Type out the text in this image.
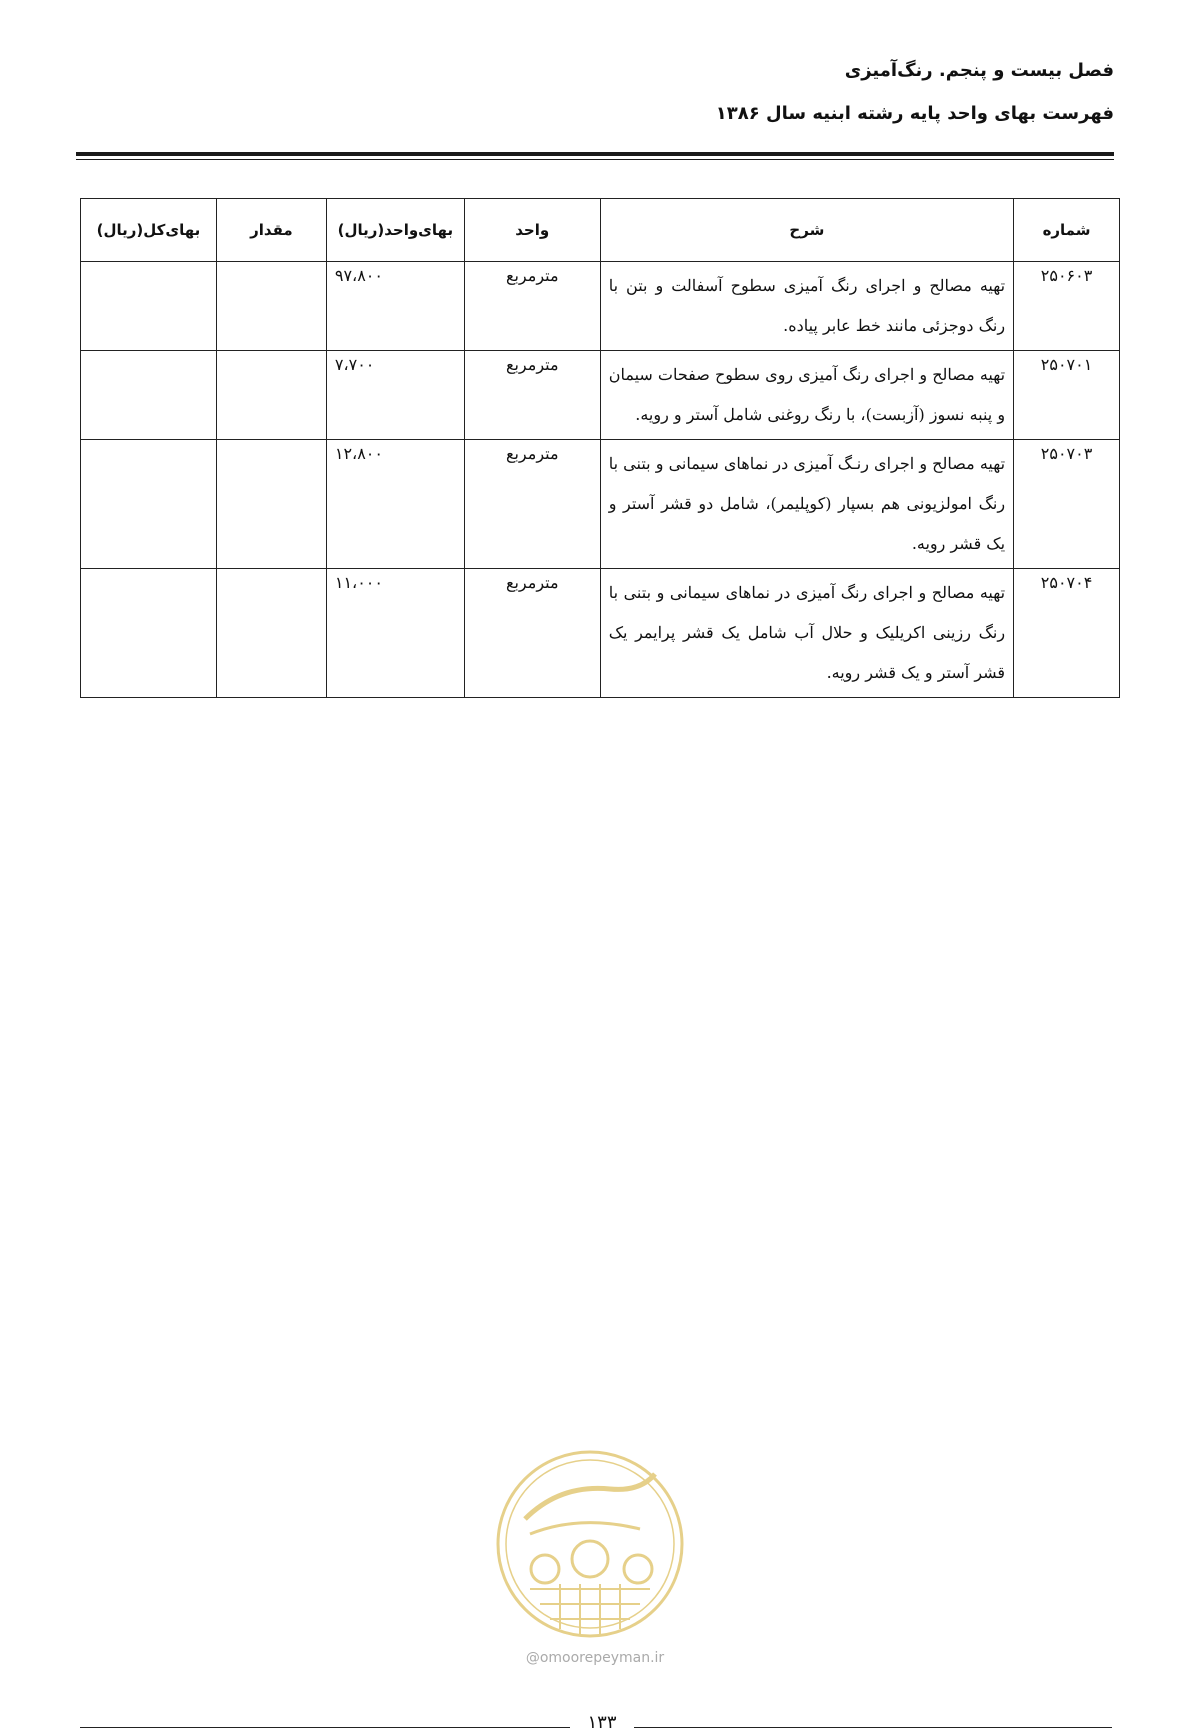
فصل بیست و پنجم. رنگ‌آمیزی
فهرست بهای واحد پایه رشته ابنیه سال ۱۳۸۶
شماره	شرح	واحد	بهای‌واحد(ریال)	مقدار	بهای‌کل(ریال)
۲۵۰۶۰۳	تهیه مصالح و اجرای رنگ آمیزی سطوح آسفالت و بتن با رنگ دوجزئی مانند خط عابر پیاده.	مترمربع	۹۷،۸۰۰		
۲۵۰۷۰۱	تهیه مصالح و اجرای رنگ آمیزی روی سطوح صفحات سیمان و پنبه نسوز (آزبست)، با رنگ روغنی شامل آستر و رویه.	مترمربع	۷،۷۰۰		
۲۵۰۷۰۳	تهیه مصالح و اجرای رنـگ آمیزی در نماهای سیمانی و بتنی با رنگ امولزیونی هم بسپار (کوپلیمر)، شامل دو قشر آستر و یک قشر رویه.	مترمربع	۱۲،۸۰۰		
۲۵۰۷۰۴	تهیه مصالح و اجرای رنگ آمیزی در نماهای سیمانی و بتنی با رنگ رزینی اکریلیک و حلال آب شامل یک قشر پرایمر یک قشر آستر و یک قشر رویه.	مترمربع	۱۱،۰۰۰		
@omoorepeyman.ir
۱۳۳
